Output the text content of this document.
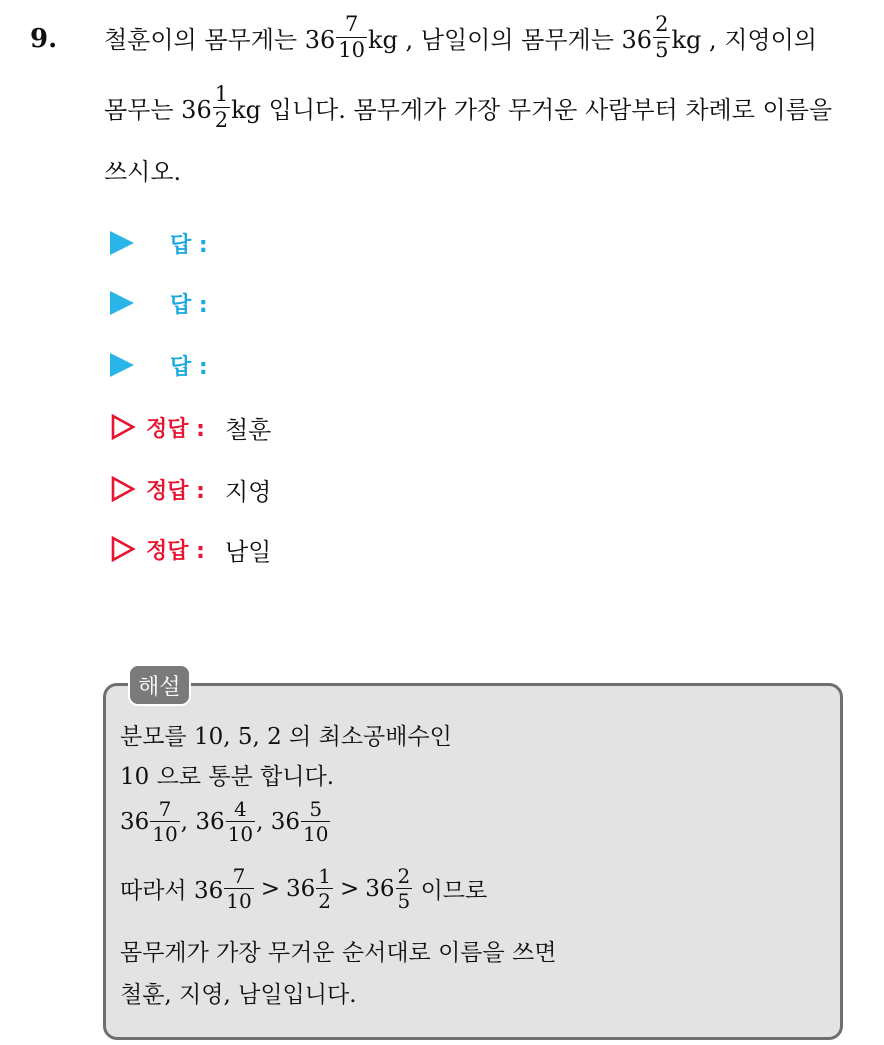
9. 철훈이의 몸무게는 $36 \frac{7}{10}$ kg , 남일이의 몸무게는 $36 \frac{2}{5}$ kg , 지영이의
몸무는 $36 \frac{1}{2}$ kg 입니다. 몸무게가 가장 무거운 사람부터 차례로 이름을
쓰시오.
답 :
답 :
답 :
정답 : 철훈
정답 : 지영
정답 : 남일
해설
분모를 10, 5, 2 의 최소공배수인
10 으로 통분 합니다.
$36 \frac{7}{10}$ , $36 \frac{4}{10}$ , $36 \frac{5}{10}$
따라서 $36 \frac{7}{10} > 36 \frac{1}{2} > 36 \frac{2}{5}$ 이므로
몸무게가 가장 무거운 순서대로 이름을 쓰면
철훈, 지영, 남일입니다.
